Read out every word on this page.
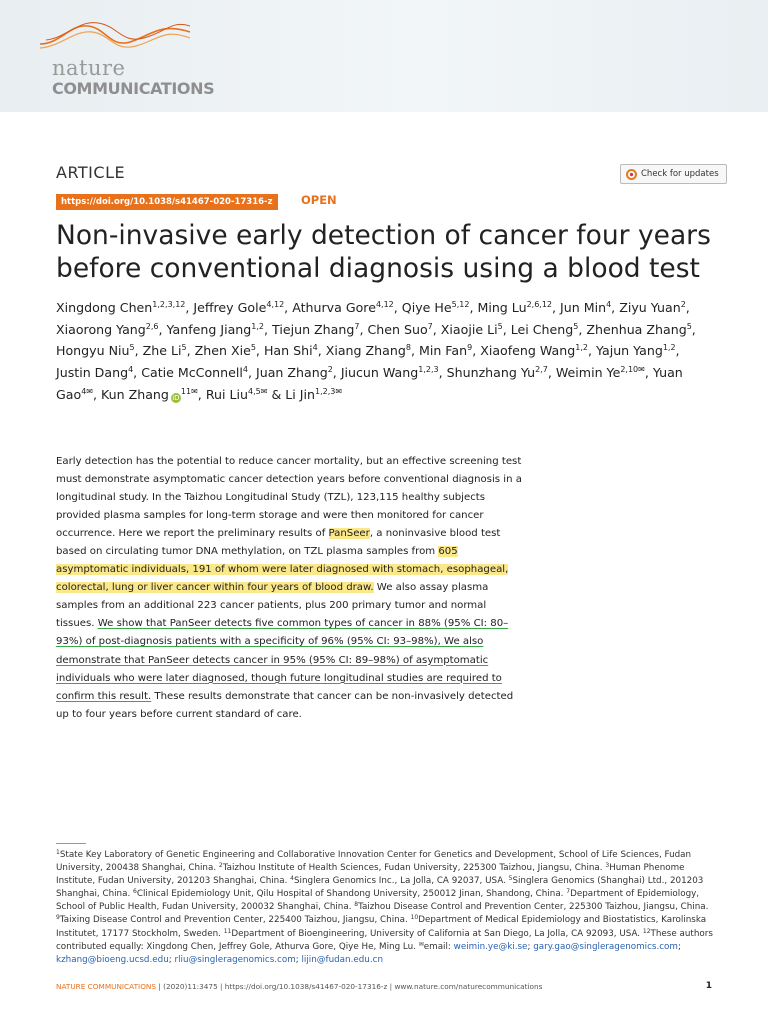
nature
COMMUNICATIONS
ARTICLE	Check for updates
https://doi.org/10.1038/s41467-020-17316-z	OPEN
Non-invasive early detection of cancer four years before conventional diagnosis using a blood test

Xingdong Chen$^{1,2,3,12}$, Jeffrey Gole$^{4,12}$, Athurva Gore$^{4,12}$, Qiye He$^{5,12}$, Ming Lu$^{2,6,12}$, Jun Min$^4$, Ziyu Yuan$^2$, Xiaorong Yang$^{2,6}$, Yanfeng Jiang$^{1,2}$, Tiejun Zhang$^7$, Chen Suo$^7$, Xiaojie Li$^5$, Lei Cheng$^5$, Zhenhua Zhang$^5$, Hongyu Niu$^5$, Zhe Li$^5$, Zhen Xie$^5$, Han Shi$^4$, Xiang Zhang$^8$, Min Fan$^9$, Xiaofeng Wang$^{1,2}$, Yajun Yang$^{1,2}$, Justin Dang$^4$, Catie McConnell$^4$, Juan Zhang$^2$, Jiucun Wang$^{1,2,3}$, Shunzhang Yu$^{2,7}$, Weimin $Ye^{2,10✉}$, Yuan Gao$^{4✉}$, Kun Zhang $iD^{11✉}$, Rui Liu$^{4,5✉}$ & Li Jin$^{1,2,3✉}$

Early detection has the potential to reduce cancer mortality, but an effective screening test must demonstrate asymptomatic cancer detection years before conventional diagnosis in a longitudinal study. In the Taizhou Longitudinal Study (TZL), 123,115 healthy subjects provided plasma samples for long-term storage and were then monitored for cancer occurrence. Here we report the preliminary results of PanSeer, a noninvasive blood test based on circulating tumor DNA methylation, on TZL plasma samples from 605 asymptomatic individuals, 191 of whom were later diagnosed with stomach, esophageal, colorectal, lung or liver cancer within four years of blood draw. We also assay plasma samples from an additional 223 cancer patients, plus 200 primary tumor and normal tissues. We show that PanSeer detects five common types of cancer in 88% (95% CI: 80–93%) of post-diagnosis patients with a specificity of 96% (95% CI: 93–98%), We also demonstrate that PanSeer detects cancer in 95% (95% CI: 89–98%) of asymptomatic individuals who were later diagnosed, though future longitudinal studies are required to confirm this result. These results demonstrate that cancer can be non-invasively detected up to four years before current standard of care.

$^1$State Key Laboratory of Genetic Engineering and Collaborative Innovation Center for Genetics and Development, School of Life Sciences, Fudan University, 200438 Shanghai, China. $^2$Taizhou Institute of Health Sciences, Fudan University, 225300 Taizhou, Jiangsu, China. $^3$Human Phenome Institute, Fudan University, 201203 Shanghai, China. $^4$Singlera Genomics Inc., La Jolla, CA 92037, USA. $^5$Singlera Genomics (Shanghai) Ltd., 201203 Shanghai, China. $^6$Clinical Epidemiology Unit, Qilu Hospital of Shandong University, 250012 Jinan, Shandong, China. $^7$Department of Epidemiology, School of Public Health, Fudan University, 200032 Shanghai, China. $^8$Taizhou Disease Control and Prevention Center, 225300 Taizhou, Jiangsu, China. $^9$Taixing Disease Control and Prevention Center, 225400 Taizhou, Jiangsu, China. $^{10}$Department of Medical Epidemiology and Biostatistics, Karolinska Institutet, 17177 Stockholm, Sweden. $^{11}$Department of Bioengineering, University of California at San Diego, La Jolla, CA 92093, USA. $^{12}$These authors contributed equally: Xingdong Chen, Jeffrey Gole, Athurva Gore, Qiye He, Ming Lu. ✉email: weimin.ye@ki.se; gary.gao@singleragenomics.com; kzhang@bioeng.ucsd.edu; rliu@singleragenomics.com; lijin@fudan.edu.cn

NATURE COMMUNICATIONS | (2020)11:3475 | https://doi.org/10.1038/s41467-020-17316-z | www.nature.com/naturecommunications	1
